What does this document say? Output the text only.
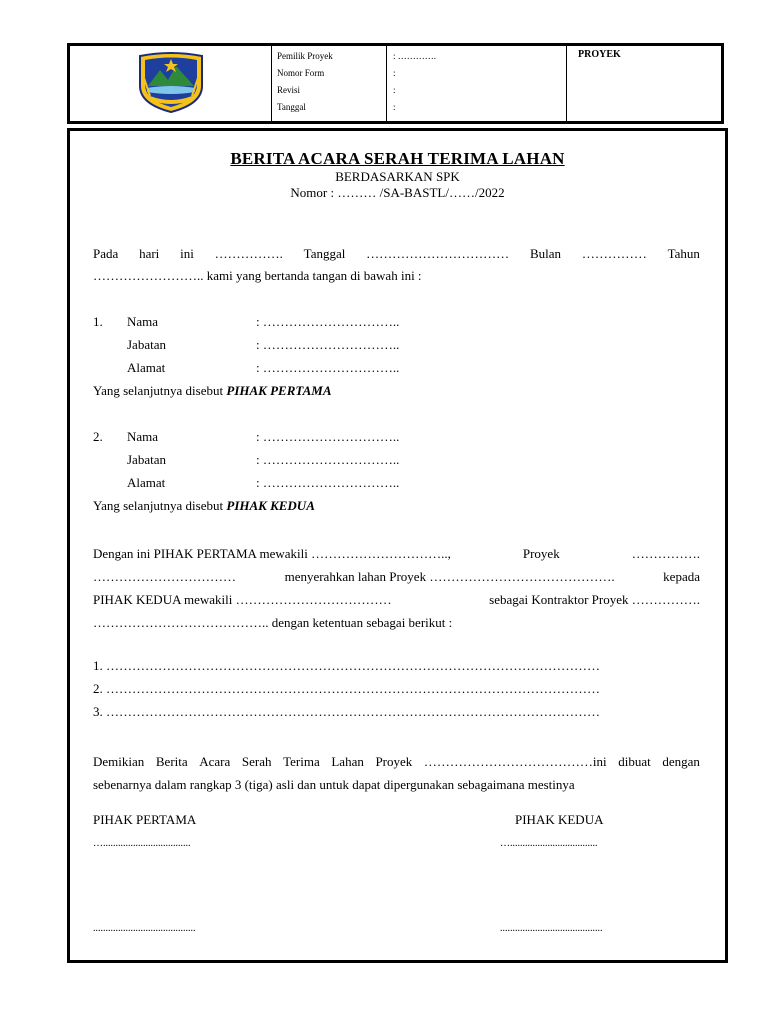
Pemilik Proyek	: ………….
Nomor Form	:
Revisi	:
Tanggal	:
PROYEK
BERITA ACARA SERAH TERIMA LAHAN
BERDASARKAN SPK
Nomor : ……… /SA-BASTL/……/2022
Pada hari ini ……………. Tanggal …………………………… Bulan …………… Tahun
…………………….. kami yang bertanda tangan di bawah ini :
1. Nama	: …………………………..
Jabatan	: …………………………..
Alamat	: …………………………..
Yang selanjutnya disebut PIHAK PERTAMA
2. Nama	: …………………………..
Jabatan	: …………………………..
Alamat	: …………………………..
Yang selanjutnya disebut PIHAK KEDUA
Dengan ini PIHAK PERTAMA mewakili …………………………..,	Proyek	…………….
……………………………	menyerahkan lahan Proyek …………………………………….	kepada
PIHAK KEDUA mewakili ………………………………	sebagai Kontraktor Proyek …………….
………………………………….. dengan ketentuan sebagai berikut :
1. ……………………………………………………………………………………………………
2. ……………………………………………………………………………………………………
3. ……………………………………………………………………………………………………
Demikian Berita Acara Serah Terima Lahan Proyek …………………………………ini dibuat dengan
sebenarnya dalam rangkap 3 (tiga) asli dan untuk dapat dipergunakan sebagaimana mestinya
PIHAK PERTAMA	PIHAK KEDUA
…...................................	…...................................
.........................................	.........................................
